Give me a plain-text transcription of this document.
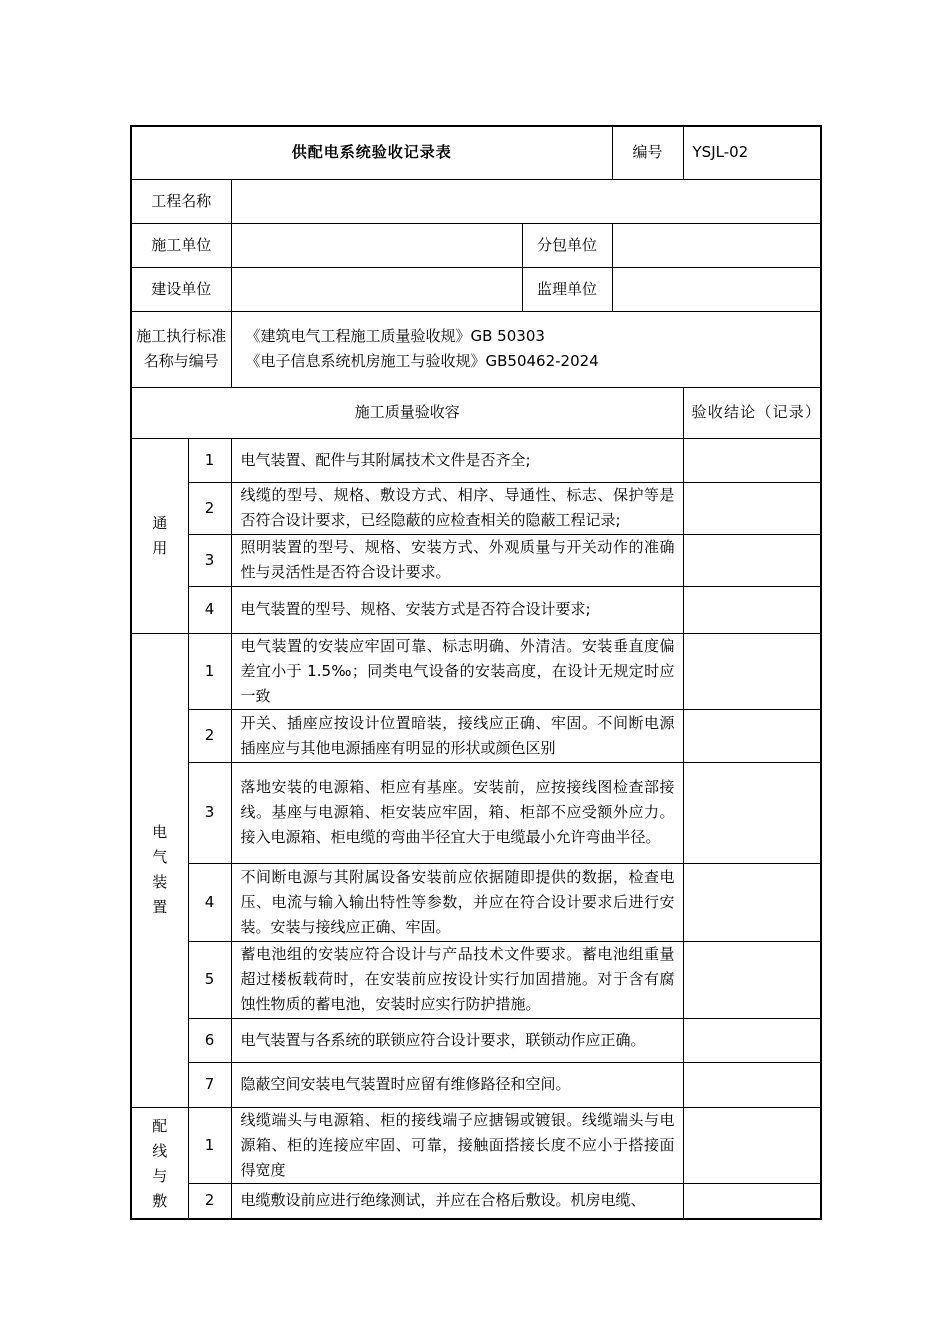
供配电系统验收记录表				编号	YSJL-02
工程名称					
施工单位			分包单位		
建设单位			监理单位		
施工执行标准名称与编号		《建筑电气工程施工质量验收规》GB 50303
《电子信息系统机房施工与验收规》GB50462-2024			

施工质量验收容					验收结论（记录）

通
用	1	电气装置、配件与其附属技术文件是否齐全;			
	2	线缆的型号、规格、敷设方式、相序、导通性、标志、保护等是否符合设计要求，已经隐蔽的应检查相关的隐蔽工程记录;			
	3	照明装置的型号、规格、安装方式、外观质量与开关动作的准确性与灵活性是否符合设计要求。			
	4	电气装置的型号、规格、安装方式是否符合设计要求;			

电
气
装
置	1	电气装置的安装应牢固可靠、标志明确、外清洁。安装垂直度偏差宜小于 1.5‰；同类电气设备的安装高度，在设计无规定时应一致			
	2	开关、插座应按设计位置暗装，接线应正确、牢固。不间断电源插座应与其他电源插座有明显的形状或颜色区别			
	3	落地安装的电源箱、柜应有基座。安装前，应按接线图检查部接线。基座与电源箱、柜安装应牢固，箱、柜部不应受额外应力。接入电源箱、柜电缆的弯曲半径宜大于电缆最小允许弯曲半径。			
	4	不间断电源与其附属设备安装前应依据随即提供的数据，检查电压、电流与输入输出特性等参数，并应在符合设计要求后进行安装。安装与接线应正确、牢固。			
	5	蓄电池组的安装应符合设计与产品技术文件要求。蓄电池组重量超过楼板载荷时，在安装前应按设计实行加固措施。对于含有腐蚀性物质的蓄电池，安装时应实行防护措施。			
	6	电气装置与各系统的联锁应符合设计要求，联锁动作应正确。			
	7	隐蔽空间安装电气装置时应留有维修路径和空间。			

配
线
与
敷	1	线缆端头与电源箱、柜的接线端子应搪锡或镀银。线缆端头与电源箱、柜的连接应牢固、可靠，接触面搭接长度不应小于搭接面得宽度			
	2	电缆敷设前应进行绝缘测试，并应在合格后敷设。机房电缆、			
